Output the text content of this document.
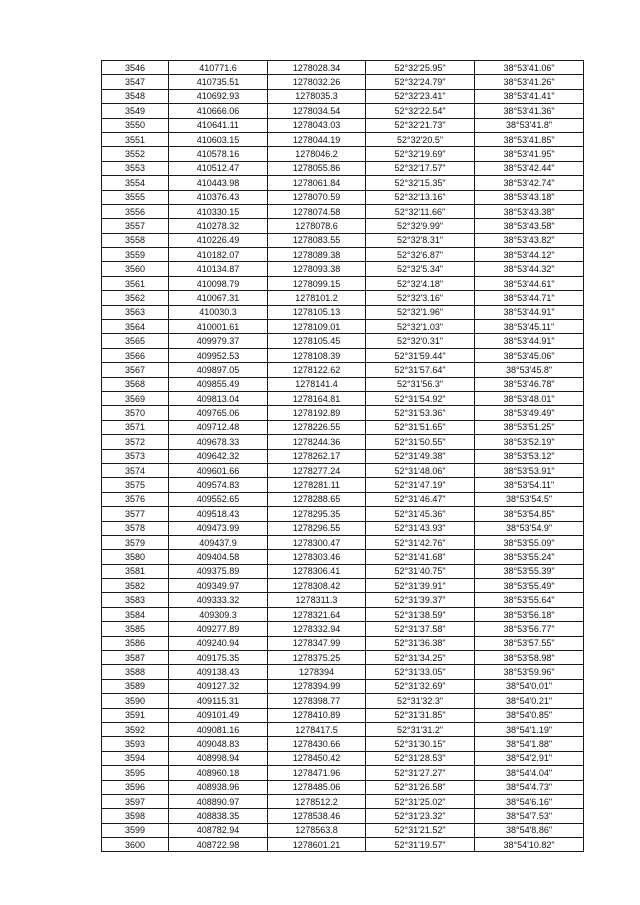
3546	410771.6	1278028.34	52°32'25.95"	38°53'41.06"
3547	410735.51	1278032.26	52°32'24.79"	38°53'41.26"
3548	410692.93	1278035.3	52°32'23.41"	38°53'41.41"
3549	410666.06	1278034.54	52°32'22.54"	38°53'41.36"
3550	410641.11	1278043.03	52°32'21.73"	38°53'41.8"
3551	410603.15	1278044.19	52°32'20.5"	38°53'41.85"
3552	410578.16	1278046.2	52°32'19.69"	38°53'41.95"
3553	410512.47	1278055.86	52°32'17.57"	38°53'42.44"
3554	410443.98	1278061.84	52°32'15.35"	38°53'42.74"
3555	410376.43	1278070.59	52°32'13.16"	38°53'43.18"
3556	410330.15	1278074.58	52°32'11.66"	38°53'43.38"
3557	410278.32	1278078.6	52°32'9.99"	38°53'43.58"
3558	410226.49	1278083.55	52°32'8.31"	38°53'43.82"
3559	410182.07	1278089.38	52°32'6.87"	38°53'44.12"
3560	410134.87	1278093.38	52°32'5.34"	38°53'44.32"
3561	410098.79	1278099.15	52°32'4.18"	38°53'44.61"
3562	410067.31	1278101.2	52°32'3.16"	38°53'44.71"
3563	410030.3	1278105.13	52°32'1.96"	38°53'44.91"
3564	410001.61	1278109.01	52°32'1.03"	38°53'45.11"
3565	409979.37	1278105.45	52°32'0.31"	38°53'44.91"
3566	409952.53	1278108.39	52°31'59.44"	38°53'45.06"
3567	409897.05	1278122.62	52°31'57.64"	38°53'45.8"
3568	409855.49	1278141.4	52°31'56.3"	38°53'46.78"
3569	409813.04	1278164.81	52°31'54.92"	38°53'48.01"
3570	409765.06	1278192.89	52°31'53.36"	38°53'49.49"
3571	409712.48	1278226.55	52°31'51.65"	38°53'51.25"
3572	409678.33	1278244.36	52°31'50.55"	38°53'52.19"
3573	409642.32	1278262.17	52°31'49.38"	38°53'53.12"
3574	409601.66	1278277.24	52°31'48.06"	38°53'53.91"
3575	409574.83	1278281.11	52°31'47.19"	38°53'54.11"
3576	409552.65	1278288.65	52°31'46.47"	38°53'54.5"
3577	409518.43	1278295.35	52°31'45.36"	38°53'54.85"
3578	409473.99	1278296.55	52°31'43.93"	38°53'54.9"
3579	409437.9	1278300.47	52°31'42.76"	38°53'55.09"
3580	409404.58	1278303.46	52°31'41.68"	38°53'55.24"
3581	409375.89	1278306.41	52°31'40.75"	38°53'55.39"
3582	409349.97	1278308.42	52°31'39.91"	38°53'55.49"
3583	409333.32	1278311.3	52°31'39.37"	38°53'55.64"
3584	409309.3	1278321.64	52°31'38.59"	38°53'56.18"
3585	409277.89	1278332.94	52°31'37.58"	38°53'56.77"
3586	409240.94	1278347.99	52°31'36.38"	38°53'57.55"
3587	409175.35	1278375.25	52°31'34.25"	38°53'58.98"
3588	409138.43	1278394	52°31'33.05"	38°53'59.96"
3589	409127.32	1278394.99	52°31'32.69"	38°54'0.01"
3590	409115.31	1278398.77	52°31'32.3"	38°54'0.21"
3591	409101.49	1278410.89	52°31'31.85"	38°54'0.85"
3592	409081.16	1278417.5	52°31'31.2"	38°54'1.19"
3593	409048.83	1278430.66	52°31'30.15"	38°54'1.88"
3594	408998.94	1278450.42	52°31'28.53"	38°54'2.91"
3595	408960.18	1278471.96	52°31'27.27"	38°54'4.04"
3596	408938.96	1278485.06	52°31'26.58"	38°54'4.73"
3597	408890.97	1278512.2	52°31'25.02"	38°54'6.16"
3598	408838.35	1278538.46	52°31'23.32"	38°54'7.53"
3599	408782.94	1278563.8	52°31'21.52"	38°54'8.86"
3600	408722.98	1278601.21	52°31'19.57"	38°54'10.82"
